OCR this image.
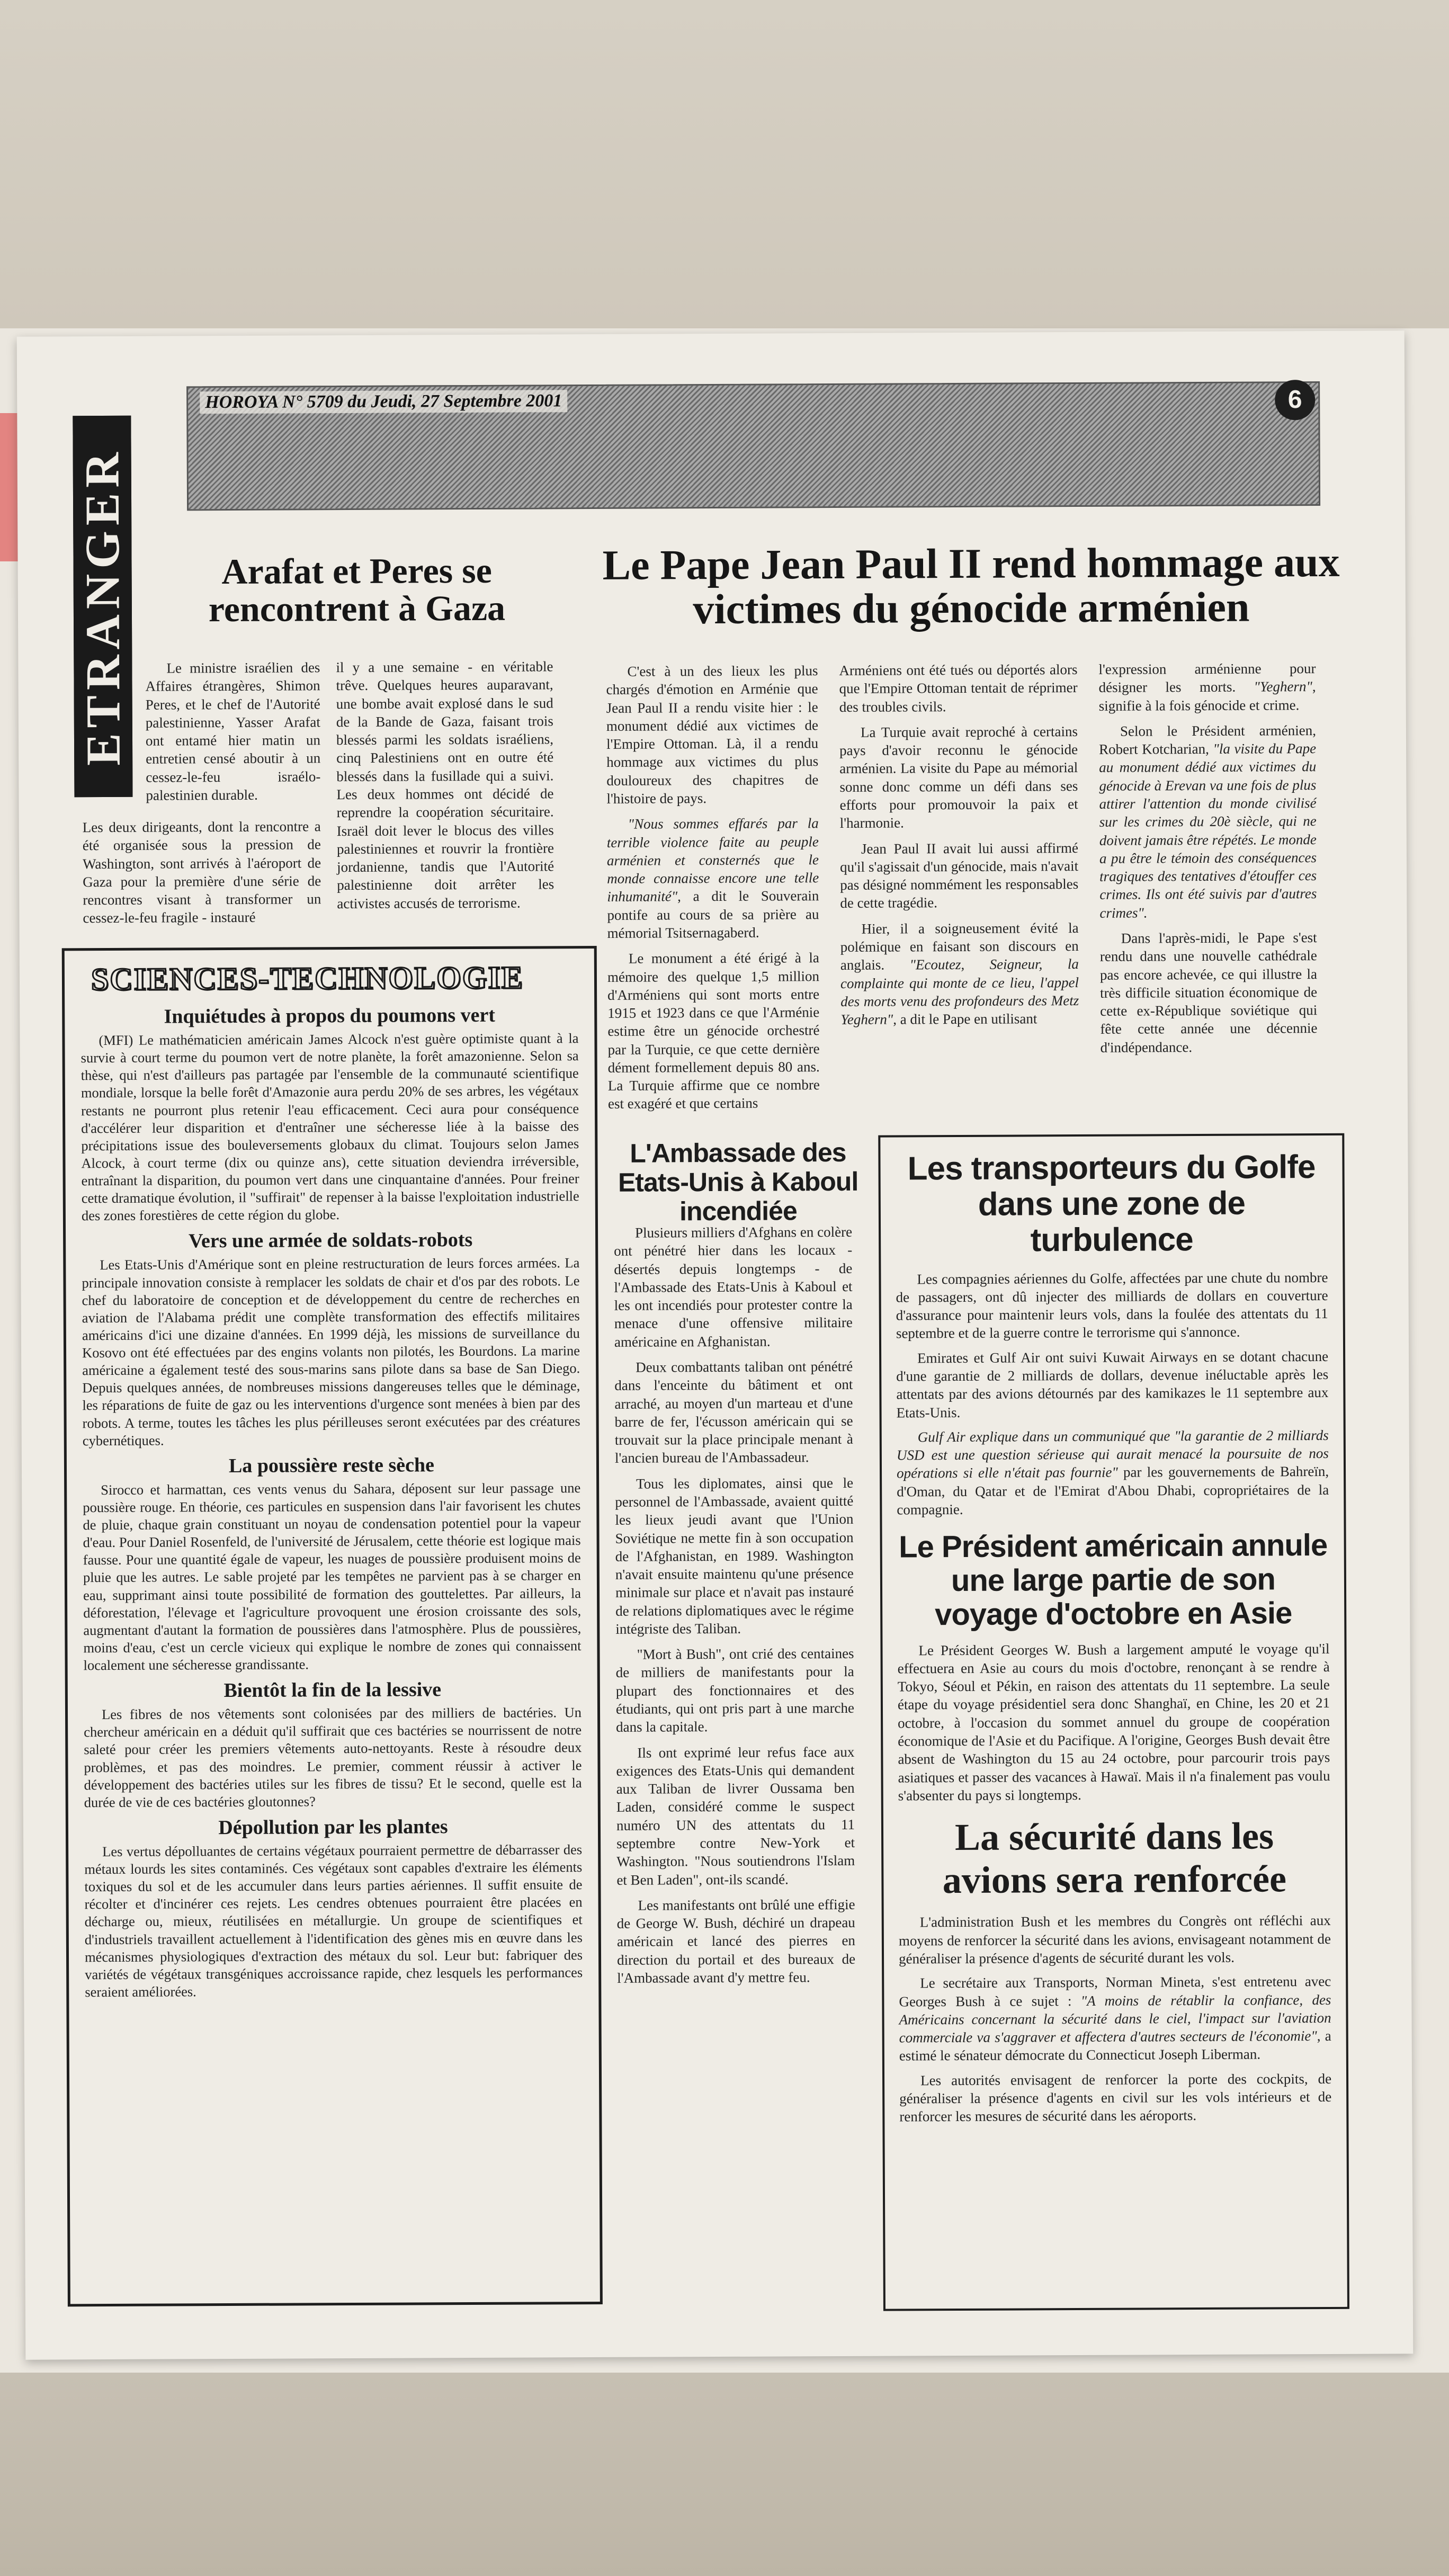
HOROYA N° 5709 du Jeudi, 27 Septembre 2001	6
ETRANGER	Arafat et Peres se rencontrent à Gaza

Le ministre israélien des Affaires étrangères, Shimon Peres, et le chef de l'Autorité palestinienne, Yasser Arafat ont entamé hier matin un entretien censé aboutir à un cessez-le-feu israélo-palestinien durable.

Les deux dirigeants, dont la rencontre a été organisée sous la pression de Washington, sont arrivés à l'aéroport de Gaza pour la première d'une série de rencontres visant à transformer un cessez-le-feu fragile - instauré

il y a une semaine - en véritable trêve. Quelques heures auparavant, une bombe avait explosé dans le sud de la Bande de Gaza, faisant trois blessés parmi les soldats israéliens, cinq Palestiniens ont en outre été blessés dans la fusillade qui a suivi. Les deux hommes ont décidé de reprendre la coopération sécuritaire. Israël doit lever le blocus des villes palestiniennes et rouvrir la frontière jordanienne, tandis que l'Autorité palestinienne doit arrêter les activistes accusés de terrorisme.

Le Pape Jean Paul II rend hommage aux victimes du génocide arménien

C'est à un des lieux les plus chargés d'émotion en Arménie que Jean Paul II a rendu visite hier : le monument dédié aux victimes de l'Empire Ottoman. Là, il a rendu hommage aux victimes du plus douloureux des chapitres de l'histoire de pays.

"Nous sommes effarés par la terrible violence faite au peuple arménien et consternés que le monde connaisse encore une telle inhumanité", a dit le Souverain pontife au cours de sa prière au mémorial Tsitsernagaberd.

Le monument a été érigé à la mémoire des quelque 1,5 million d'Arméniens qui sont morts entre 1915 et 1923 dans ce que l'Arménie estime être un génocide orchestré par la Turquie, ce que cette dernière dément formellement depuis 80 ans. La Turquie affirme que ce nombre est exagéré et que certains

Arméniens ont été tués ou déportés alors que l'Empire Ottoman tentait de réprimer des troubles civils.

La Turquie avait reproché à certains pays d'avoir reconnu le génocide arménien. La visite du Pape au mémorial sonne donc comme un défi dans ses efforts pour promouvoir la paix et l'harmonie.

Jean Paul II avait lui aussi affirmé qu'il s'agissait d'un génocide, mais n'avait pas désigné nommément les responsables de cette tragédie.

Hier, il a soigneusement évité la polémique en faisant son discours en anglais. "Ecoutez, Seigneur, la complainte qui monte de ce lieu, l'appel des morts venu des profondeurs des Metz Yeghern", a dit le Pape en utilisant

l'expression arménienne pour désigner les morts. "Yeghern", signifie à la fois génocide et crime.

Selon le Président arménien, Robert Kotcharian, "la visite du Pape au monument dédié aux victimes du génocide à Erevan va une fois de plus attirer l'attention du monde civilisé sur les crimes du 20è siècle, qui ne doivent jamais être répétés. Le monde a pu être le témoin des conséquences tragiques des tentatives d'étouffer ces crimes. Ils ont été suivis par d'autres crimes".

Dans l'après-midi, le Pape s'est rendu dans une nouvelle cathédrale pas encore achevée, ce qui illustre la très difficile situation économique de cette ex-République soviétique qui fête cette année une décennie d'indépendance.

SCIENCES-TECHNOLOGIE
Inquiétudes à propos du poumons vert

(MFI) Le mathématicien américain James Alcock n'est guère optimiste quant à la survie à court terme du poumon vert de notre planète, la forêt amazonienne. Selon sa thèse, qui n'est d'ailleurs pas partagée par l'ensemble de la communauté scientifique mondiale, lorsque la belle forêt d'Amazonie aura perdu 20% de ses arbres, les végétaux restants ne pourront plus retenir l'eau efficacement. Ceci aura pour conséquence d'accélérer leur disparition et d'entraîner une sécheresse liée à la baisse des précipitations issue des bouleversements globaux du climat. Toujours selon James Alcock, à court terme (dix ou quinze ans), cette situation deviendra irréversible, entraînant la disparition, du poumon vert dans une cinquantaine d'années. Pour freiner cette dramatique évolution, il "suffirait" de repenser à la baisse l'exploitation industrielle des zones forestières de cette région du globe.

Vers une armée de soldats-robots

Les Etats-Unis d'Amérique sont en pleine restructuration de leurs forces armées. La principale innovation consiste à remplacer les soldats de chair et d'os par des robots. Le chef du laboratoire de conception et de développement du centre de recherches en aviation de l'Alabama prédit une complète transformation des effectifs militaires américains d'ici une dizaine d'années. En 1999 déjà, les missions de surveillance du Kosovo ont été effectuées par des engins volants non pilotés, les Bourdons. La marine américaine a également testé des sous-marins sans pilote dans sa base de San Diego. Depuis quelques années, de nombreuses missions dangereuses telles que le déminage, les réparations de fuite de gaz ou les interventions d'urgence sont menées à bien par des robots. A terme, toutes les tâches les plus périlleuses seront exécutées par des créatures cybernétiques.

La poussière reste sèche

Sirocco et harmattan, ces vents venus du Sahara, déposent sur leur passage une poussière rouge. En théorie, ces particules en suspension dans l'air favorisent les chutes de pluie, chaque grain constituant un noyau de condensation potentiel pour la vapeur d'eau. Pour Daniel Rosenfeld, de l'université de Jérusalem, cette théorie est logique mais fausse. Pour une quantité égale de vapeur, les nuages de poussière produisent moins de pluie que les autres. Le sable projeté par les tempêtes ne parvient pas à se charger en eau, supprimant ainsi toute possibilité de formation des gouttelettes. Par ailleurs, la déforestation, l'élevage et l'agriculture provoquent une érosion croissante des sols, augmentant d'autant la formation de poussières dans l'atmosphère. Plus de poussières, moins d'eau, c'est un cercle vicieux qui explique le nombre de zones qui connaissent localement une sécheresse grandissante.

Bientôt la fin de la lessive

Les fibres de nos vêtements sont colonisées par des milliers de bactéries. Un chercheur américain en a déduit qu'il suffirait que ces bactéries se nourrissent de notre saleté pour créer les premiers vêtements auto-nettoyants. Reste à résoudre deux problèmes, et pas des moindres. Le premier, comment réussir à activer le développement des bactéries utiles sur les fibres de tissu? Et le second, quelle est la durée de vie de ces bactéries gloutonnes?

Dépollution par les plantes

Les vertus dépolluantes de certains végétaux pourraient permettre de débarrasser des métaux lourds les sites contaminés. Ces végétaux sont capables d'extraire les éléments toxiques du sol et de les accumuler dans leurs parties aériennes. Il suffit ensuite de récolter et d'incinérer ces rejets. Les cendres obtenues pourraient être placées en décharge ou, mieux, réutilisées en métallurgie. Un groupe de scientifiques et d'industriels travaillent actuellement à l'identification des gènes mis en œuvre dans les mécanismes physiologiques d'extraction des métaux du sol. Leur but: fabriquer des variétés de végétaux transgéniques accroissance rapide, chez lesquels les performances seraient améliorées.

L'Ambassade des Etats-Unis à Kaboul incendiée

Plusieurs milliers d'Afghans en colère ont pénétré hier dans les locaux - désertés depuis longtemps - de l'Ambassade des Etats-Unis à Kaboul et les ont incendiés pour protester contre la menace d'une offensive militaire américaine en Afghanistan.

Deux combattants taliban ont pénétré dans l'enceinte du bâtiment et ont arraché, au moyen d'un marteau et d'une barre de fer, l'écusson américain qui se trouvait sur la place principale menant à l'ancien bureau de l'Ambassadeur.

Tous les diplomates, ainsi que le personnel de l'Ambassade, avaient quitté les lieux jeudi avant que l'Union Soviétique ne mette fin à son occupation de l'Afghanistan, en 1989. Washington n'avait ensuite maintenu qu'une présence minimale sur place et n'avait pas instauré de relations diplomatiques avec le régime intégriste des Taliban.

"Mort à Bush", ont crié des centaines de milliers de manifestants pour la plupart des fonctionnaires et des étudiants, qui ont pris part à une marche dans la capitale.

Ils ont exprimé leur refus face aux exigences des Etats-Unis qui demandent aux Taliban de livrer Oussama ben Laden, considéré comme le suspect numéro UN des attentats du 11 septembre contre New-York et Washington. "Nous soutiendrons l'Islam et Ben Laden", ont-ils scandé.

Les manifestants ont brûlé une effigie de George W. Bush, déchiré un drapeau américain et lancé des pierres en direction du portail et des bureaux de l'Ambassade avant d'y mettre feu.

Les transporteurs du Golfe dans une zone de turbulence

Les compagnies aériennes du Golfe, affectées par une chute du nombre de passagers, ont dû injecter des milliards de dollars en couverture d'assurance pour maintenir leurs vols, dans la foulée des attentats du 11 septembre et de la guerre contre le terrorisme qui s'annonce.

Emirates et Gulf Air ont suivi Kuwait Airways en se dotant chacune d'une garantie de 2 milliards de dollars, devenue inéluctable après les attentats par des avions détournés par des kamikazes le 11 septembre aux Etats-Unis.

Gulf Air explique dans un communiqué que "la garantie de 2 milliards USD est une question sérieuse qui aurait menacé la poursuite de nos opérations si elle n'était pas fournie" par les gouvernements de Bahreïn, d'Oman, du Qatar et de l'Emirat d'Abou Dhabi, copropriétaires de la compagnie.

Le Président américain annule une large partie de son voyage d'octobre en Asie

Le Président Georges W. Bush a largement amputé le voyage qu'il effectuera en Asie au cours du mois d'octobre, renonçant à se rendre à Tokyo, Séoul et Pékin, en raison des attentats du 11 septembre. La seule étape du voyage présidentiel sera donc Shanghaï, en Chine, les 20 et 21 octobre, à l'occasion du sommet annuel du groupe de coopération économique de l'Asie et du Pacifique. A l'origine, Georges Bush devait être absent de Washington du 15 au 24 octobre, pour parcourir trois pays asiatiques et passer des vacances à Hawaï. Mais il n'a finalement pas voulu s'absenter du pays si longtemps.

La sécurité dans les avions sera renforcée

L'administration Bush et les membres du Congrès ont réfléchi aux moyens de renforcer la sécurité dans les avions, envisageant notamment de généraliser la présence d'agents de sécurité durant les vols.

Le secrétaire aux Transports, Norman Mineta, s'est entretenu avec Georges Bush à ce sujet : "A moins de rétablir la confiance, des Américains concernant la sécurité dans le ciel, l'impact sur l'aviation commerciale va s'aggraver et affectera d'autres secteurs de l'économie", a estimé le sénateur démocrate du Connecticut Joseph Liberman.

Les autorités envisagent de renforcer la porte des cockpits, de généraliser la présence d'agents en civil sur les vols intérieurs et de renforcer les mesures de sécurité dans les aéroports.
